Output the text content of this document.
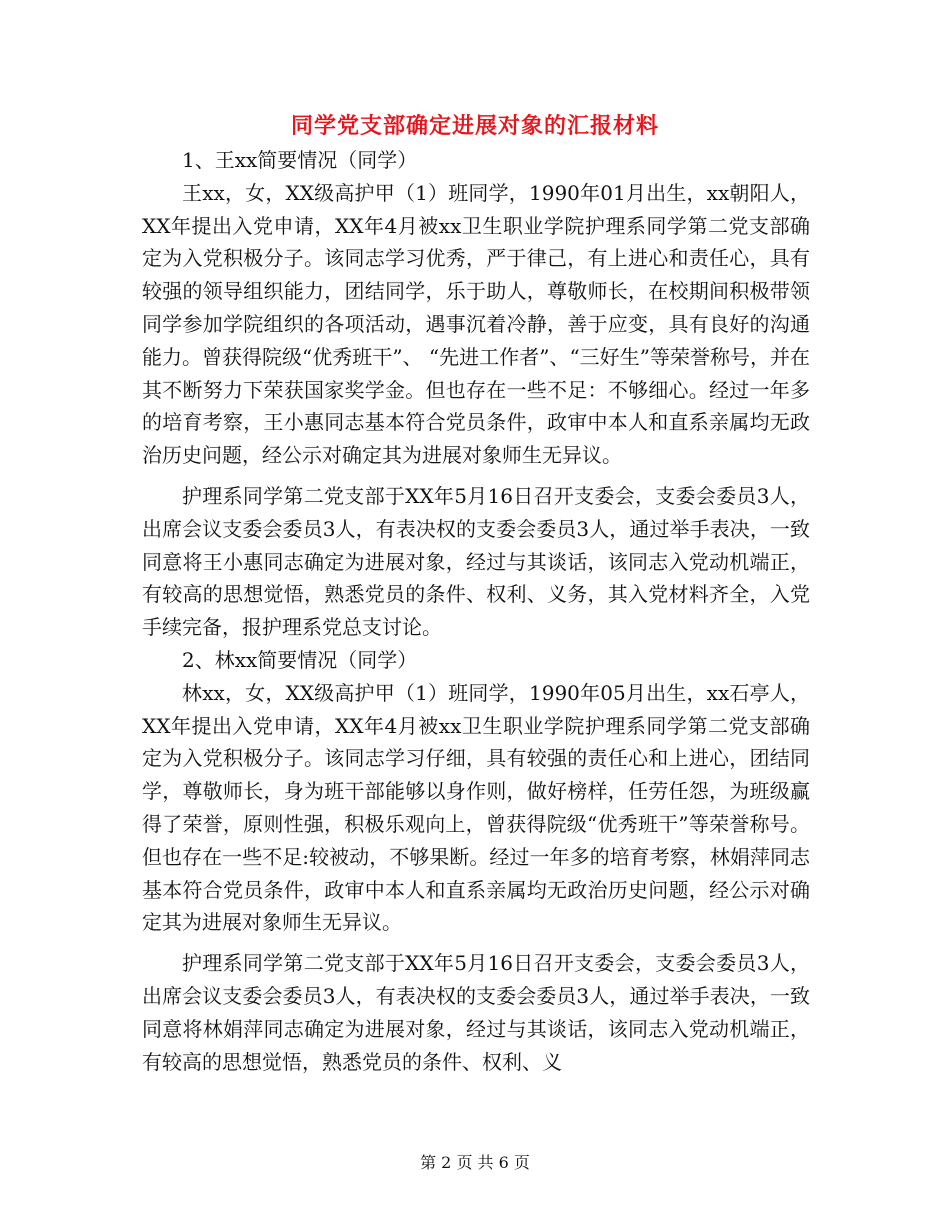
同学党支部确定进展对象的汇报材料

1、王xx简要情况（同学）

王xx，女，XX级高护甲（1）班同学，1990年01月出生，xx朝阳人，XX年提出入党申请，XX年4月被xx卫生职业学院护理系同学第二党支部确定为入党积极分子。该同志学习优秀，严于律己，有上进心和责任心，具有较强的领导组织能力，团结同学，乐于助人，尊敬师长，在校期间积极带领同学参加学院组织的各项活动，遇事沉着冷静，善于应变，具有良好的沟通能力。曾获得院级“优秀班干”、 “先进工作者”、“三好生”等荣誉称号，并在其不断努力下荣获国家奖学金。但也存在一些不足：不够细心。经过一年多的培育考察，王小惠同志基本符合党员条件，政审中本人和直系亲属均无政治历史问题，经公示对确定其为进展对象师生无异议。

护理系同学第二党支部于XX年5月16日召开支委会，支委会委员3人，出席会议支委会委员3人，有表决权的支委会委员3人，通过举手表决，一致同意将王小惠同志确定为进展对象，经过与其谈话，该同志入党动机端正，有较高的思想觉悟，熟悉党员的条件、权利、义务，其入党材料齐全，入党手续完备，报护理系党总支讨论。

2、林xx简要情况（同学）

林xx，女，XX级高护甲（1）班同学，1990年05月出生，xx石亭人，XX年提出入党申请，XX年4月被xx卫生职业学院护理系同学第二党支部确定为入党积极分子。该同志学习仔细，具有较强的责任心和上进心，团结同学，尊敬师长，身为班干部能够以身作则，做好榜样，任劳任怨，为班级赢得了荣誉，原则性强，积极乐观向上，曾获得院级“优秀班干”等荣誉称号。但也存在一些不足:较被动，不够果断。经过一年多的培育考察，林娟萍同志基本符合党员条件，政审中本人和直系亲属均无政治历史问题，经公示对确定其为进展对象师生无异议。

护理系同学第二党支部于XX年5月16日召开支委会，支委会委员3人，出席会议支委会委员3人，有表决权的支委会委员3人，通过举手表决，一致同意将林娟萍同志确定为进展对象，经过与其谈话，该同志入党动机端正，有较高的思想觉悟，熟悉党员的条件、权利、义

第 2 页 共 6 页
